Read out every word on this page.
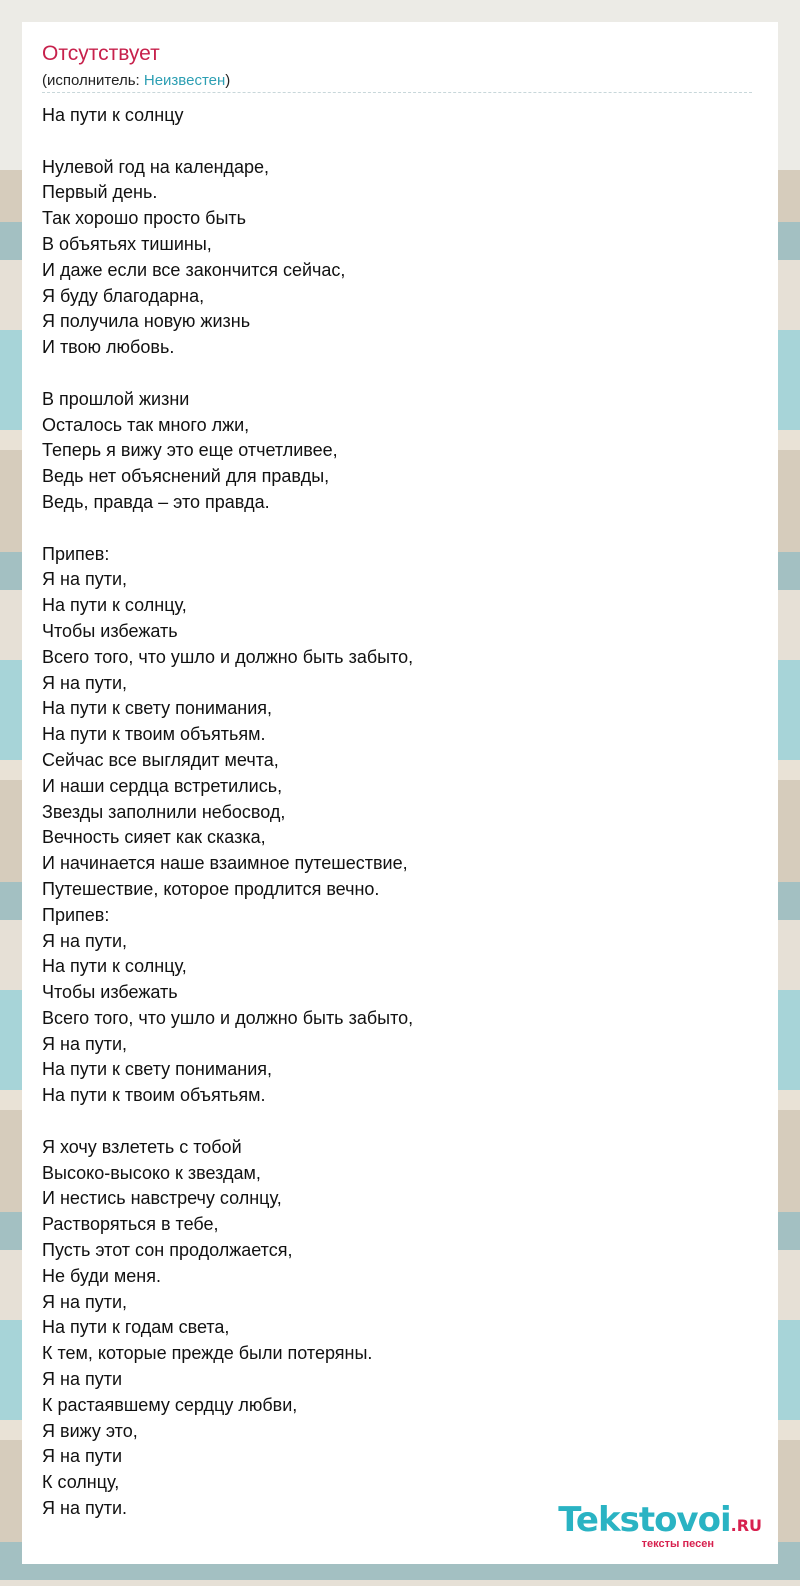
Отсутствует
(исполнитель: Неизвестен)
На пути к солнцу
Нулевой год на календаре,
Первый день.
Так хорошо просто быть
В объятьях тишины,
И даже если все закончится сейчас,
Я буду благодарна,
Я получила новую жизнь
И твою любовь.
В прошлой жизни
Осталось так много лжи,
Теперь я вижу это еще отчетливее,
Ведь нет объяснений для правды,
Ведь, правда – это правда.
Припев:
Я на пути,
На пути к солнцу,
Чтобы избежать
Всего того, что ушло и должно быть забыто,
Я на пути,
На пути к свету понимания,
На пути к твоим объятьям.
Сейчас все выглядит мечта,
И наши сердца встретились,
Звезды заполнили небосвод,
Вечность сияет как сказка,
И начинается наше взаимное путешествие,
Путешествие, которое продлится вечно.
Припев:
Я на пути,
На пути к солнцу,
Чтобы избежать
Всего того, что ушло и должно быть забыто,
Я на пути,
На пути к свету понимания,
На пути к твоим объятьям.
Я хочу взлететь с тобой
Высоко-высоко к звездам,
И нестись навстречу солнцу,
Растворяться в тебе,
Пусть этот сон продолжается,
Не буди меня.
Я на пути,
На пути к годам света,
К тем, которые прежде были потеряны.
Я на пути
К растаявшему сердцу любви,
Я вижу это,
Я на пути
К солнцу,
Я на пути.	Tekstovoi.RU
тексты песен
